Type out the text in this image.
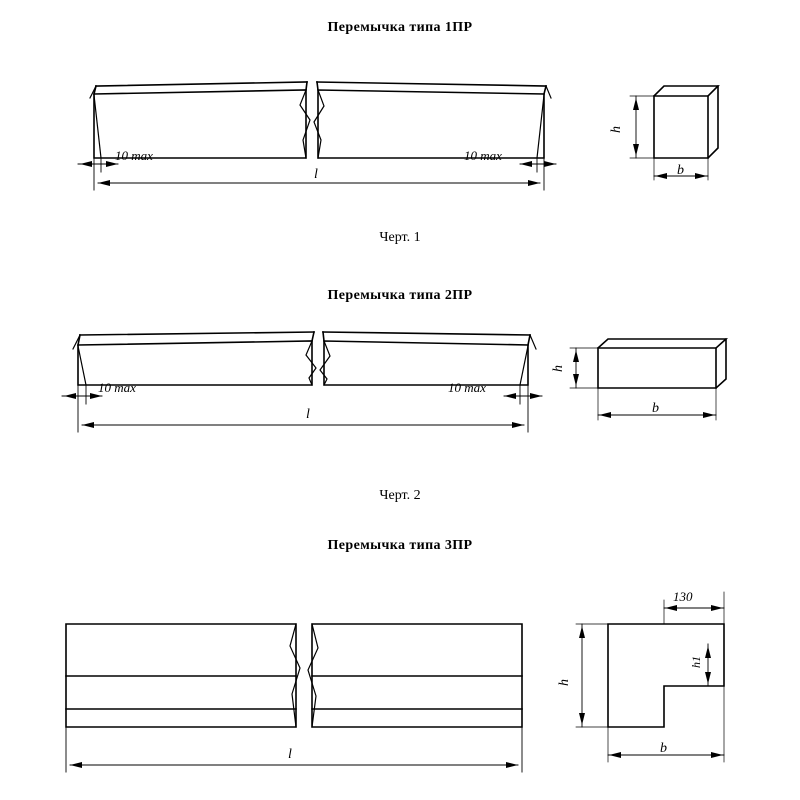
Перемычка типа 1ПР
10 max	10 max
l
h
b
Черт. 1
Перемычка типа 2ПР
10 max	10 max
l
h
b
Черт. 2
Перемычка типа 3ПР
l
h
h1
b
130
